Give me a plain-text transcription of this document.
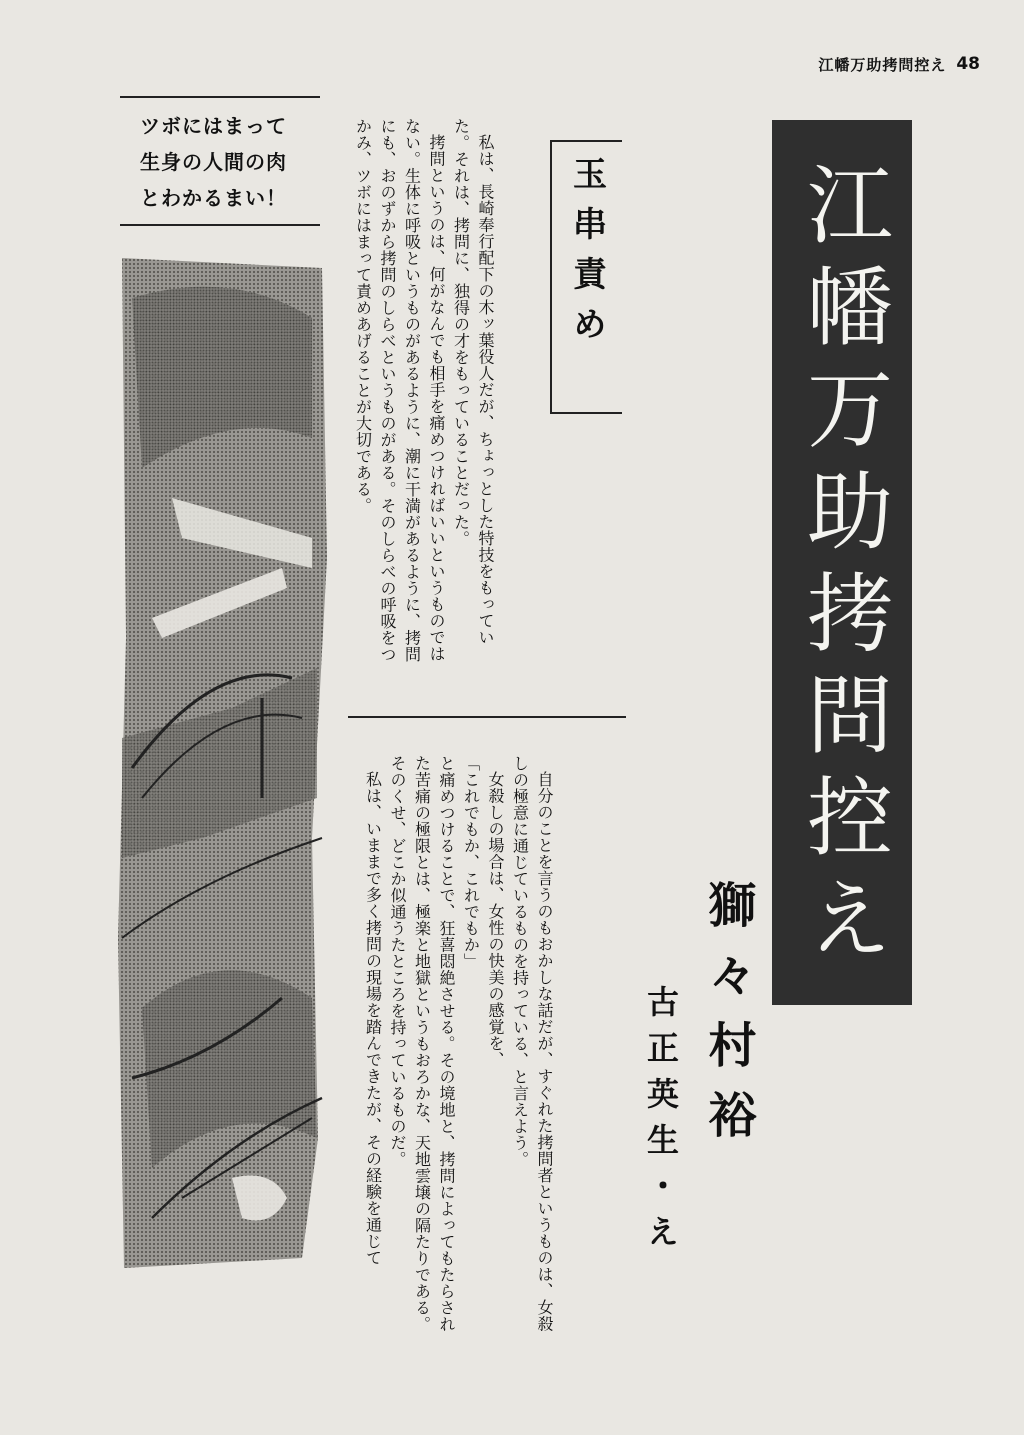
江幡万助拷問控え 48
江幡万助拷問控え
獅々村裕
古正英生・え
玉串責め
ツボにはまって
生身の人間の肉
とわかるまい！	私は、長崎奉行配下の木ッ葉役人だが、ちょっとした特技をもっていた。それは、拷問に、独得の才をもっていることだった。

拷問というのは、何がなんでも相手を痛めつければいいというものではない。生体に呼吸というものがあるように、潮に干満があるように、拷問にも、おのずから拷問のしらべというものがある。そのしらべの呼吸をつかみ、ツボにはまって責めあげることが大切である。

自分のことを言うのもおかしな話だが、すぐれた拷問者というものは、女殺しの極意に通じているものを持っている、と言えよう。

女殺しの場合は、女性の快美の感覚を、

「これでもか、これでもか」

と痛めつけることで、狂喜悶絶させる。その境地と、拷問によってもたらされた苦痛の極限とは、極楽と地獄というもおろかな、天地雲壌の隔たりである。そのくせ、どこか似通うたところを持っているものだ。

私は、いままで多く拷問の現場を踏んできたが、その経験を通じて
